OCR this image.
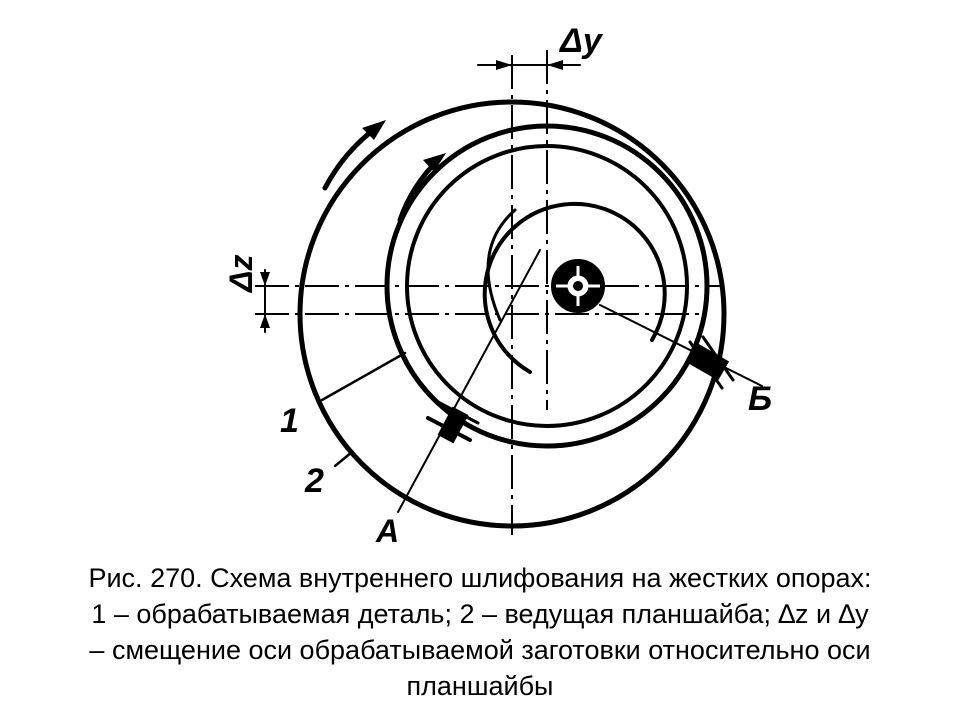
Δy
Δz
1
2
A
Б
Рис. 270. Схема внутреннего шлифования на жестких опорах:
1 – обрабатываемая деталь; 2 – ведущая планшайба; ∆z и ∆y
– смещение оси обрабатываемой заготовки относительно оси
планшайбы
